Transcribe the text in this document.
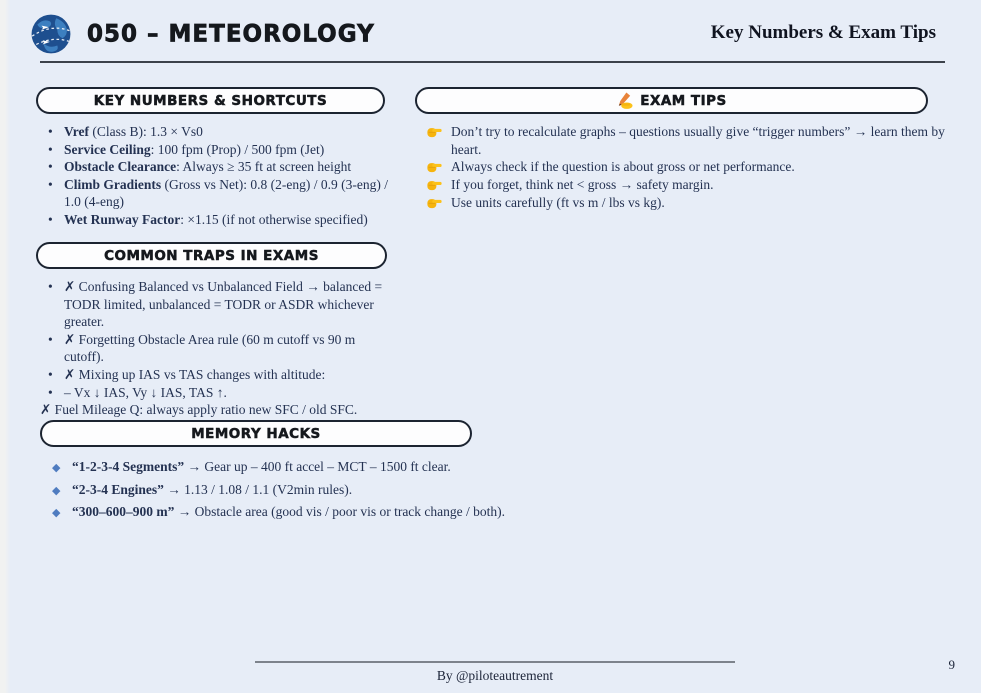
050 – METEOROLOGY	Key Numbers & Exam Tips
KEY NUMBERS & SHORTCUTS
• Vref (Class B): 1.3 × Vs0
• Service Ceiling: 100 fpm (Prop) / 500 fpm (Jet)
• Obstacle Clearance: Always ≥ 35 ft at screen height
• Climb Gradients (Gross vs Net): 0.8 (2-eng) / 0.9 (3-eng) / 1.0 (4-eng)
• Wet Runway Factor: ×1.15 (if not otherwise specified)
COMMON TRAPS IN EXAMS
• ✗ Confusing Balanced vs Unbalanced Field → balanced = TODR limited, unbalanced = TODR or ASDR whichever greater.
• ✗ Forgetting Obstacle Area rule (60 m cutoff vs 90 m cutoff).
• ✗ Mixing up IAS vs TAS changes with altitude:
• – Vx ↓ IAS, Vy ↓ IAS, TAS ↑.
✗ Fuel Mileage Q: always apply ratio new SFC / old SFC.
MEMORY HACKS
◆ “1-2-3-4 Segments” → Gear up – 400 ft accel – MCT – 1500 ft clear.
◆ “2-3-4 Engines” → 1.13 / 1.08 / 1.1 (V2min rules).
◆ “300–600–900 m” → Obstacle area (good vis / poor vis or track change / both).
EXAM TIPS
Don’t try to recalculate graphs – questions usually give “trigger numbers” → learn them by heart.
Always check if the question is about gross or net performance.
If you forget, think net < gross → safety margin.
Use units carefully (ft vs m / lbs vs kg).
By @piloteautrement
9
